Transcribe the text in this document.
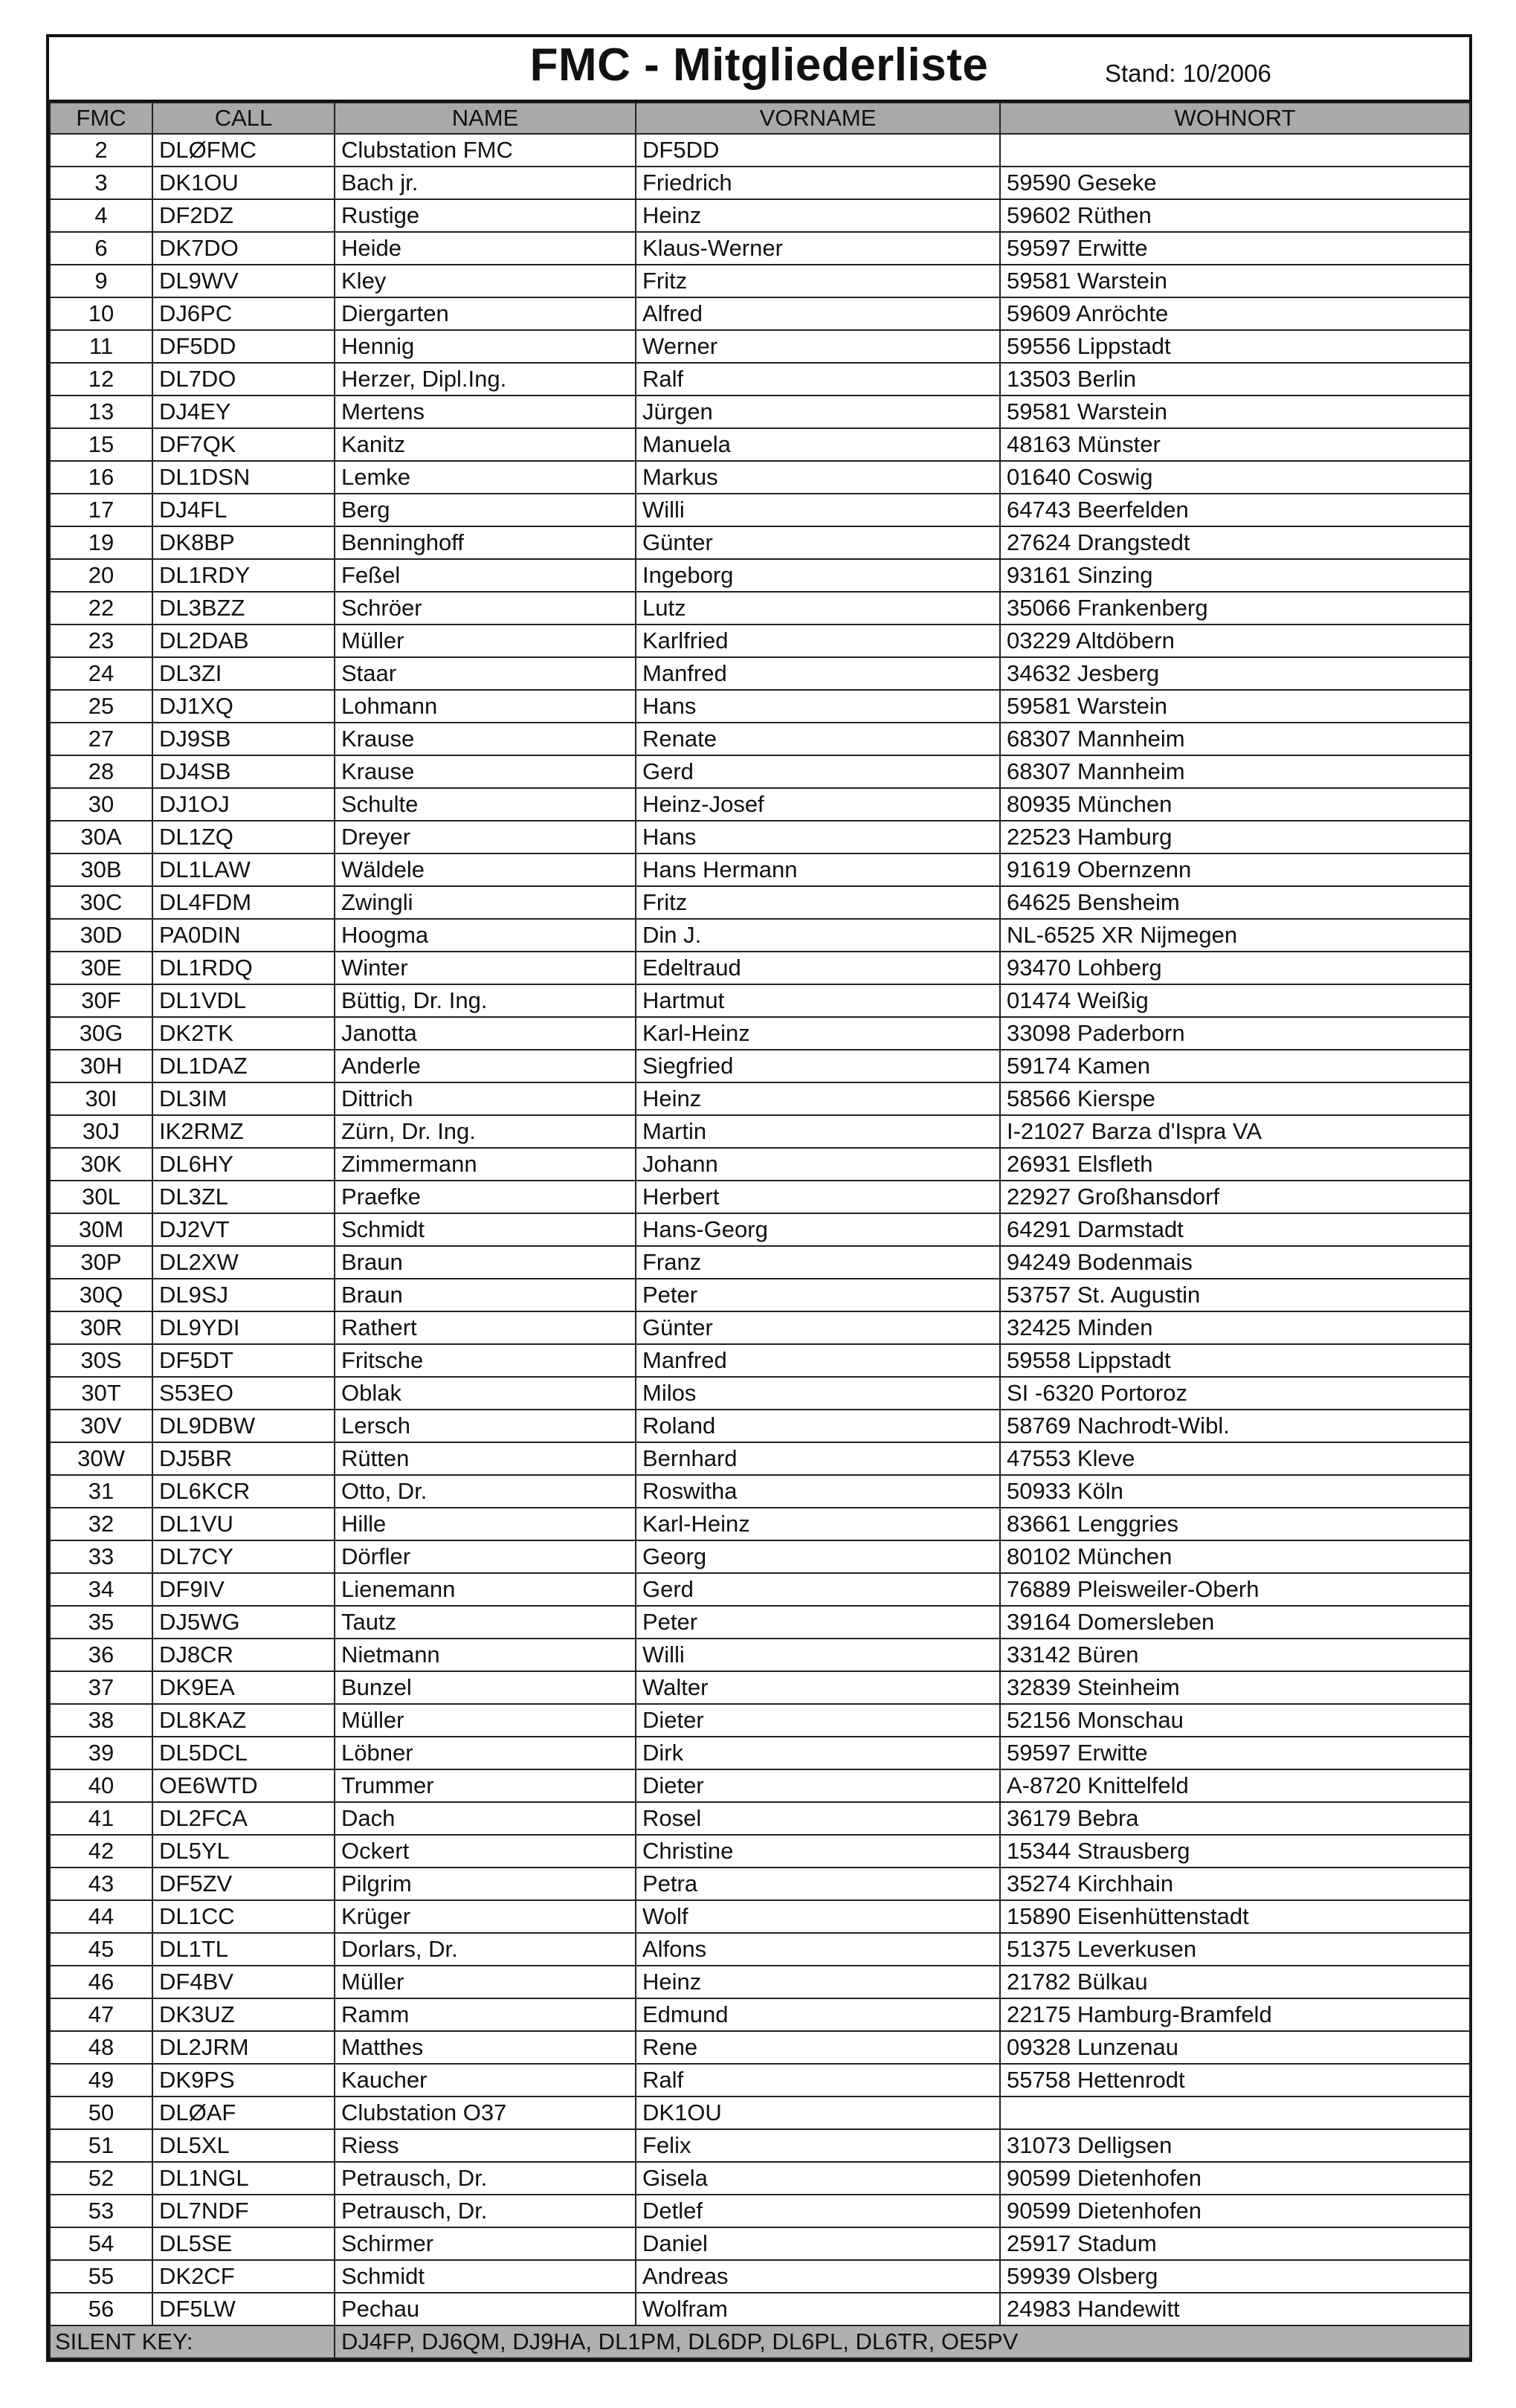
FMC - Mitgliederliste	Stand: 10/2006
FMC	CALL	NAME	VORNAME	WOHNORT
2	DLØFMC	Clubstation FMC	DF5DD	
3	DK1OU	Bach jr.	Friedrich	59590 Geseke
4	DF2DZ	Rustige	Heinz	59602 Rüthen
6	DK7DO	Heide	Klaus-Werner	59597 Erwitte
9	DL9WV	Kley	Fritz	59581 Warstein
10	DJ6PC	Diergarten	Alfred	59609 Anröchte
11	DF5DD	Hennig	Werner	59556 Lippstadt
12	DL7DO	Herzer, Dipl.Ing.	Ralf	13503 Berlin
13	DJ4EY	Mertens	Jürgen	59581 Warstein
15	DF7QK	Kanitz	Manuela	48163 Münster
16	DL1DSN	Lemke	Markus	01640 Coswig
17	DJ4FL	Berg	Willi	64743 Beerfelden
19	DK8BP	Benninghoff	Günter	27624 Drangstedt
20	DL1RDY	Feßel	Ingeborg	93161 Sinzing
22	DL3BZZ	Schröer	Lutz	35066 Frankenberg
23	DL2DAB	Müller	Karlfried	03229 Altdöbern
24	DL3ZI	Staar	Manfred	34632 Jesberg
25	DJ1XQ	Lohmann	Hans	59581 Warstein
27	DJ9SB	Krause	Renate	68307 Mannheim
28	DJ4SB	Krause	Gerd	68307 Mannheim
30	DJ1OJ	Schulte	Heinz-Josef	80935 München
30A	DL1ZQ	Dreyer	Hans	22523 Hamburg
30B	DL1LAW	Wäldele	Hans Hermann	91619 Obernzenn
30C	DL4FDM	Zwingli	Fritz	64625 Bensheim
30D	PA0DIN	Hoogma	Din J.	NL-6525 XR Nijmegen
30E	DL1RDQ	Winter	Edeltraud	93470 Lohberg
30F	DL1VDL	Büttig, Dr. Ing.	Hartmut	01474 Weißig
30G	DK2TK	Janotta	Karl-Heinz	33098 Paderborn
30H	DL1DAZ	Anderle	Siegfried	59174 Kamen
30I	DL3IM	Dittrich	Heinz	58566 Kierspe
30J	IK2RMZ	Zürn, Dr. Ing.	Martin	I-21027 Barza d'Ispra VA
30K	DL6HY	Zimmermann	Johann	26931 Elsfleth
30L	DL3ZL	Praefke	Herbert	22927 Großhansdorf
30M	DJ2VT	Schmidt	Hans-Georg	64291 Darmstadt
30P	DL2XW	Braun	Franz	94249 Bodenmais
30Q	DL9SJ	Braun	Peter	53757 St. Augustin
30R	DL9YDI	Rathert	Günter	32425 Minden
30S	DF5DT	Fritsche	Manfred	59558 Lippstadt
30T	S53EO	Oblak	Milos	SI -6320 Portoroz
30V	DL9DBW	Lersch	Roland	58769 Nachrodt-Wibl.
30W	DJ5BR	Rütten	Bernhard	47553 Kleve
31	DL6KCR	Otto, Dr.	Roswitha	50933 Köln
32	DL1VU	Hille	Karl-Heinz	83661 Lenggries
33	DL7CY	Dörfler	Georg	80102 München
34	DF9IV	Lienemann	Gerd	76889 Pleisweiler-Oberh
35	DJ5WG	Tautz	Peter	39164 Domersleben
36	DJ8CR	Nietmann	Willi	33142 Büren
37	DK9EA	Bunzel	Walter	32839 Steinheim
38	DL8KAZ	Müller	Dieter	52156 Monschau
39	DL5DCL	Löbner	Dirk	59597 Erwitte
40	OE6WTD	Trummer	Dieter	A-8720 Knittelfeld
41	DL2FCA	Dach	Rosel	36179 Bebra
42	DL5YL	Ockert	Christine	15344 Strausberg
43	DF5ZV	Pilgrim	Petra	35274 Kirchhain
44	DL1CC	Krüger	Wolf	15890 Eisenhüttenstadt
45	DL1TL	Dorlars, Dr.	Alfons	51375 Leverkusen
46	DF4BV	Müller	Heinz	21782 Bülkau
47	DK3UZ	Ramm	Edmund	22175 Hamburg-Bramfeld
48	DL2JRM	Matthes	Rene	09328 Lunzenau
49	DK9PS	Kaucher	Ralf	55758 Hettenrodt
50	DLØAF	Clubstation O37	DK1OU	
51	DL5XL	Riess	Felix	31073 Delligsen
52	DL1NGL	Petrausch, Dr.	Gisela	90599 Dietenhofen
53	DL7NDF	Petrausch, Dr.	Detlef	90599 Dietenhofen
54	DL5SE	Schirmer	Daniel	25917 Stadum
55	DK2CF	Schmidt	Andreas	59939 Olsberg
56	DF5LW	Pechau	Wolfram	24983 Handewitt
SILENT KEY:		DJ4FP, DJ6QM, DJ9HA, DL1PM, DL6DP, DL6PL, DL6TR, OE5PV		
